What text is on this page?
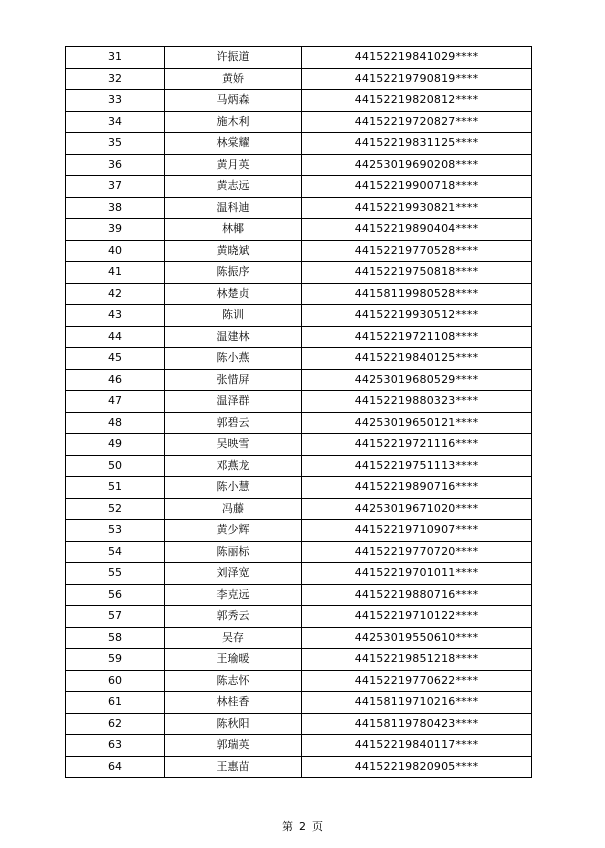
31	许振道	44152219841029****
32	黄娇	44152219790819****
33	马炳森	44152219820812****
34	施木利	44152219720827****
35	林棠耀	44152219831125****
36	黄月英	44253019690208****
37	黄志远	44152219900718****
38	温科迪	44152219930821****
39	林椰	44152219890404****
40	黄晓斌	44152219770528****
41	陈振序	44152219750818****
42	林楚贞	44158119980528****
43	陈训	44152219930512****
44	温建林	44152219721108****
45	陈小燕	44152219840125****
46	张惜屏	44253019680529****
47	温泽群	44152219880323****
48	郭碧云	44253019650121****
49	吴映雪	44152219721116****
50	邓燕龙	44152219751113****
51	陈小慧	44152219890716****
52	冯藤	44253019671020****
53	黄少辉	44152219710907****
54	陈丽标	44152219770720****
55	刘泽宽	44152219701011****
56	李克远	44152219880716****
57	郭秀云	44152219710122****
58	吴存	44253019550610****
59	王瑜暖	44152219851218****
60	陈志怀	44152219770622****
61	林桂香	44158119710216****
62	陈秋阳	44158119780423****
63	郭瑞英	44152219840117****
64	王惠苗	44152219820905****
第 2 页
